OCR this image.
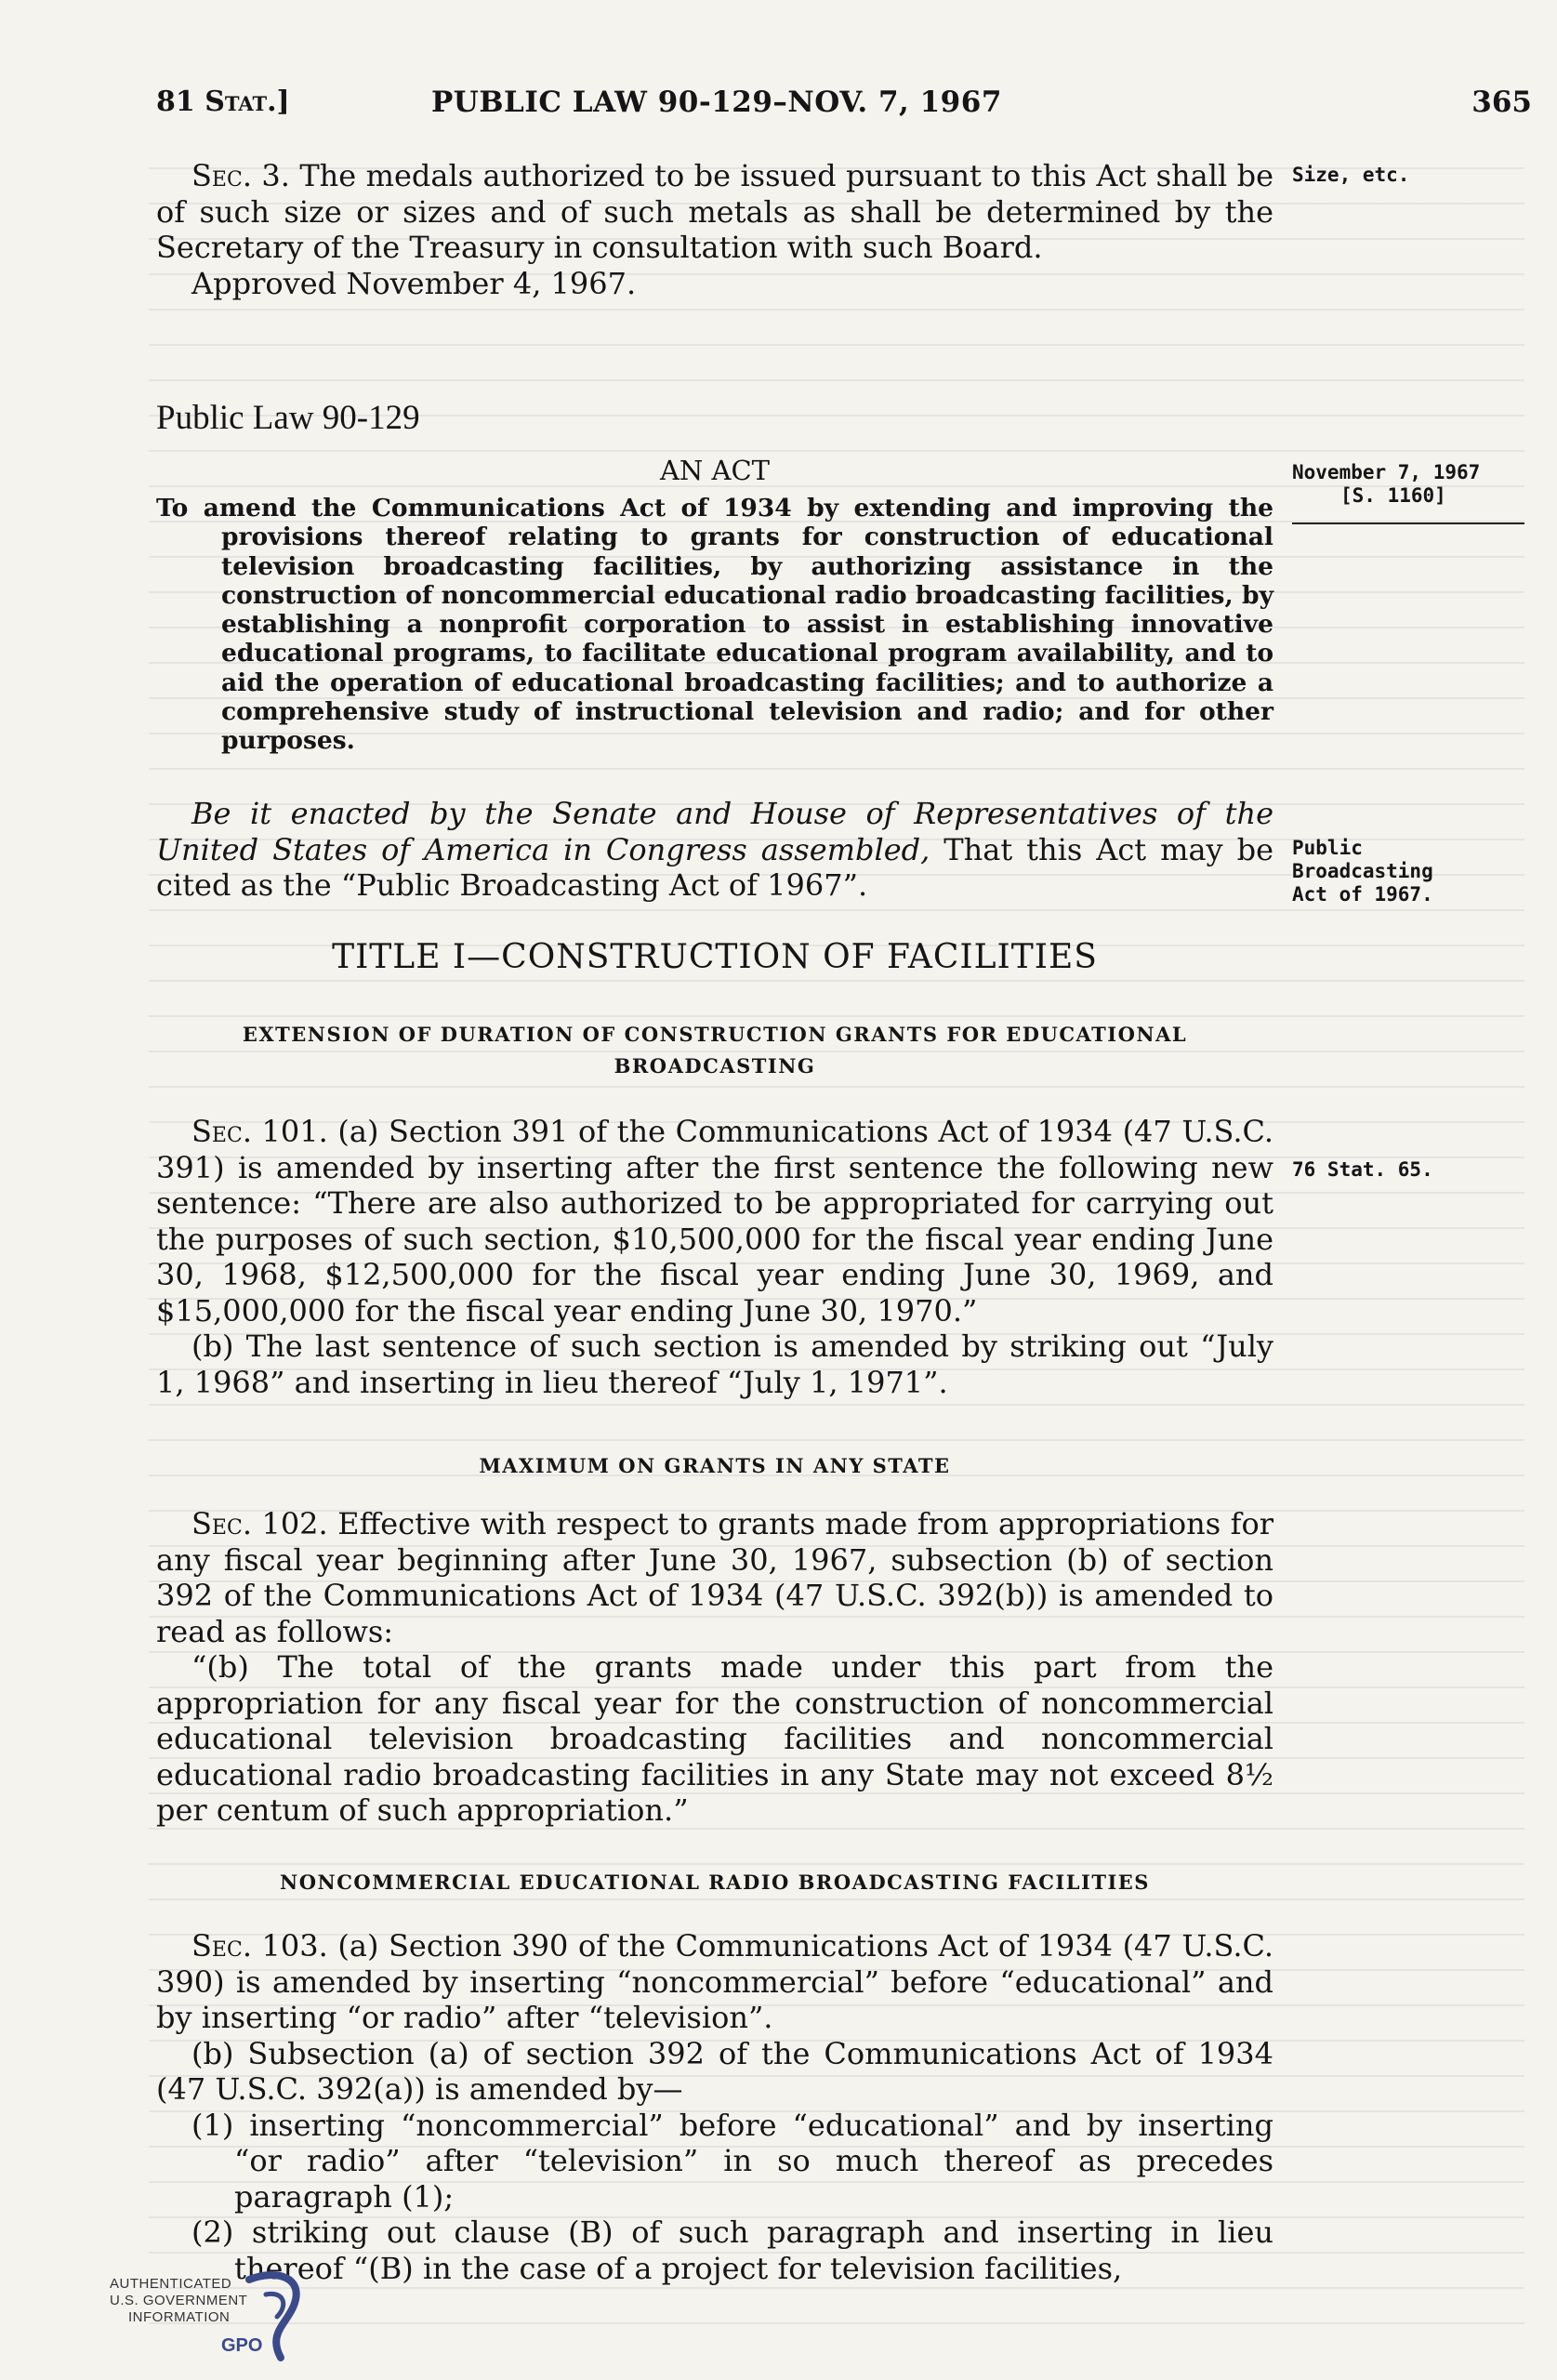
81 Stat.]	PUBLIC LAW 90-129–NOV. 7, 1967	365

Sec. 3. The medals authorized to be issued pursuant to this Act shall be of such size or sizes and of such metals as shall be determined by the Secretary of the Treasury in consultation with such Board.

Approved November 4, 1967.

Public Law 90-129
AN ACT
To amend the Communications Act of 1934 by extending and improving the provisions thereof relating to grants for construction of educational television broadcasting facilities, by authorizing assistance in the construction of noncommercial educational radio broadcasting facilities, by establishing a nonprofit corporation to assist in establishing innovative educational programs, to facilitate educational program availability, and to aid the operation of educational broadcasting facilities; and to authorize a comprehensive study of instructional television and radio; and for other purposes.

Be it enacted by the Senate and House of Representatives of the United States of America in Congress assembled, That this Act may be cited as the “Public Broadcasting Act of 1967”.

TITLE I—CONSTRUCTION OF FACILITIES
EXTENSION OF DURATION OF CONSTRUCTION GRANTS FOR EDUCATIONAL BROADCASTING

Sec. 101. (a) Section 391 of the Communications Act of 1934 (47 U.S.C. 391) is amended by inserting after the first sentence the following new sentence: “There are also authorized to be appropriated for carrying out the purposes of such section, $10,500,000 for the fiscal year ending June 30, 1968, $12,500,000 for the fiscal year ending June 30, 1969, and $15,000,000 for the fiscal year ending June 30, 1970.”

(b) The last sentence of such section is amended by striking out “July 1, 1968” and inserting in lieu thereof “July 1, 1971”.

MAXIMUM ON GRANTS IN ANY STATE

Sec. 102. Effective with respect to grants made from appropriations for any fiscal year beginning after June 30, 1967, subsection (b) of section 392 of the Communications Act of 1934 (47 U.S.C. 392(b)) is amended to read as follows:

“(b) The total of the grants made under this part from the appropriation for any fiscal year for the construction of noncommercial educational television broadcasting facilities and noncommercial educational radio broadcasting facilities in any State may not exceed 8½ per centum of such appropriation.”

NONCOMMERCIAL EDUCATIONAL RADIO BROADCASTING FACILITIES

Sec. 103. (a) Section 390 of the Communications Act of 1934 (47 U.S.C. 390) is amended by inserting “noncommercial” before “educational” and by inserting “or radio” after “television”.

(b) Subsection (a) of section 392 of the Communications Act of 1934 (47 U.S.C. 392(a)) is amended by—

(1) inserting “noncommercial” before “educational” and by inserting “or radio” after “television” in so much thereof as precedes paragraph (1);

(2) striking out clause (B) of such paragraph and inserting in lieu thereof “(B) in the case of a project for television facilities,

Size, etc.
November 7, 1967
[S. 1160]
Public Broadcasting Act of 1967.
76 Stat. 65.
AUTHENTICATED
U.S. GOVERNMENT
INFORMATION
GPO
